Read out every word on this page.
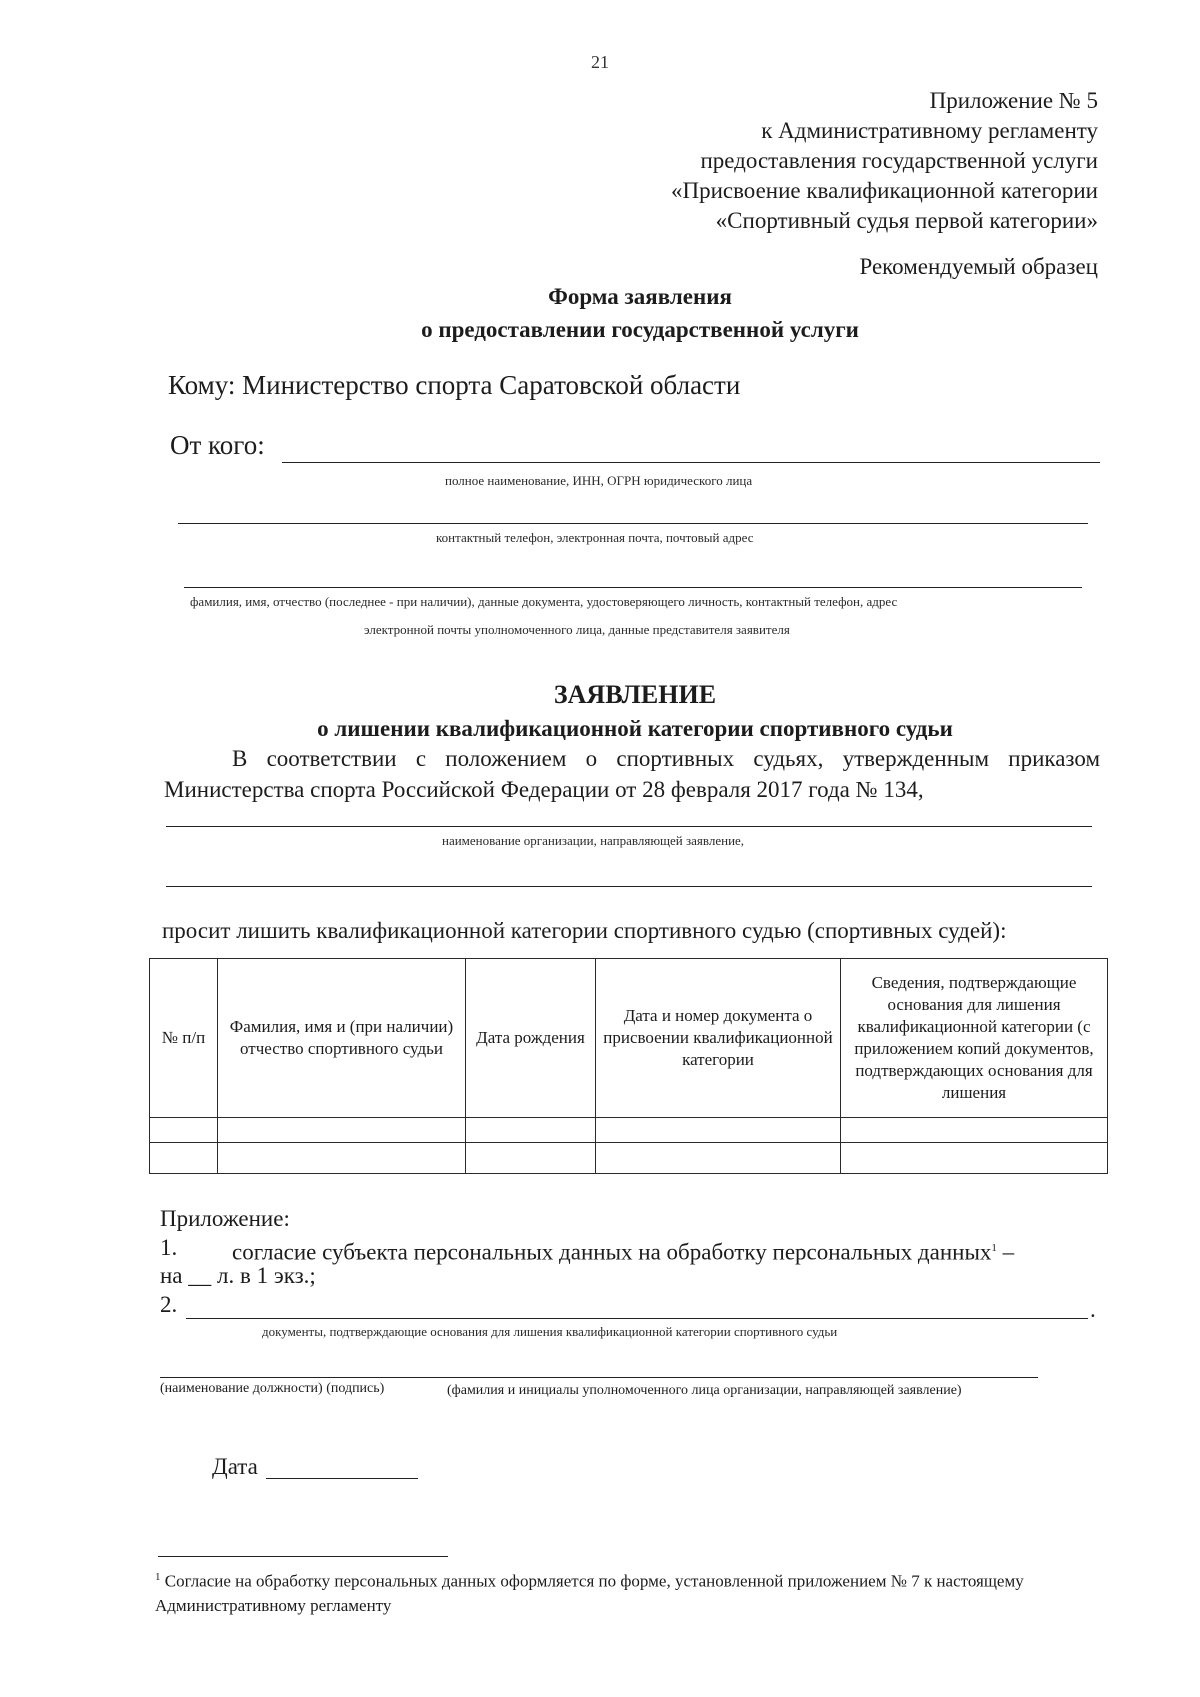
21
Приложение № 5
к Административному регламенту
предоставления государственной услуги
«Присвоение квалификационной категории
«Спортивный судья первой категории»
Рекомендуемый образец
Форма заявления
о предоставлении государственной услуги
Кому: Министерство спорта Саратовской области
От кого:
полное наименование, ИНН, ОГРН юридического лица
контактный телефон, электронная почта, почтовый адрес
фамилия, имя, отчество (последнее - при наличии), данные документа, удостоверяющего личность, контактный телефон, адрес
электронной почты уполномоченного лица, данные представителя заявителя
ЗАЯВЛЕНИЕ
о лишении квалификационной категории спортивного судьи
В соответствии с положением о спортивных судьях, утвержденным приказом
Министерства спорта Российской Федерации от 28 февраля 2017 года № 134,
наименование организации, направляющей заявление,
просит лишить квалификационной категории спортивного судью (спортивных судей):
№ п/п	Фамилия, имя и (при наличии) отчество спортивного судьи	Дата рождения	Дата и номер документа о присвоении квалификационной категории	Сведения, подтверждающие основания для лишения квалификационной категории (с приложением копий документов, подтверждающих основания для лишения

Приложение:
1. согласие субъекта персональных данных на обработку персональных данных$^1$ –
на __ л. в 1 экз.;
2.	.
документы, подтверждающие основания для лишения квалификационной категории спортивного судьи
(наименование должности) (подпись)	(фамилия и инициалы уполномоченного лица организации, направляющей заявление)
Дата
$^1$ Согласие на обработку персональных данных оформляется по форме, установленной приложением № 7 к настоящему Административному регламенту
